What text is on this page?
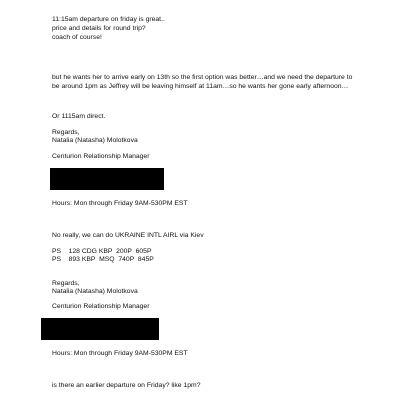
11:15am departure on friday is great..
price and details for round trip?
coach of course!
but he wants her to arrive early on 13th so the first option was better…and we need the departure to
be around 1pm as Jeffrey will be leaving himself at 11am…so he wants her gone early afternoon…
Or 1115am direct.
Regards,
Natalia (Natasha) Molotkova
Centurion Relationship Manager
Hours: Mon through Friday 9AM-530PM EST
No really, we can do UKRAINE INTL AIRL via Kiev
PS    128 CDG KBP  200P  605P
PS    893 KBP  MSQ  740P  845P
Regards,
Natalia (Natasha) Molotkova
Centurion Relationship Manager
Hours: Mon through Friday 9AM-530PM EST
is there an earlier departure on Friday? like 1pm?
